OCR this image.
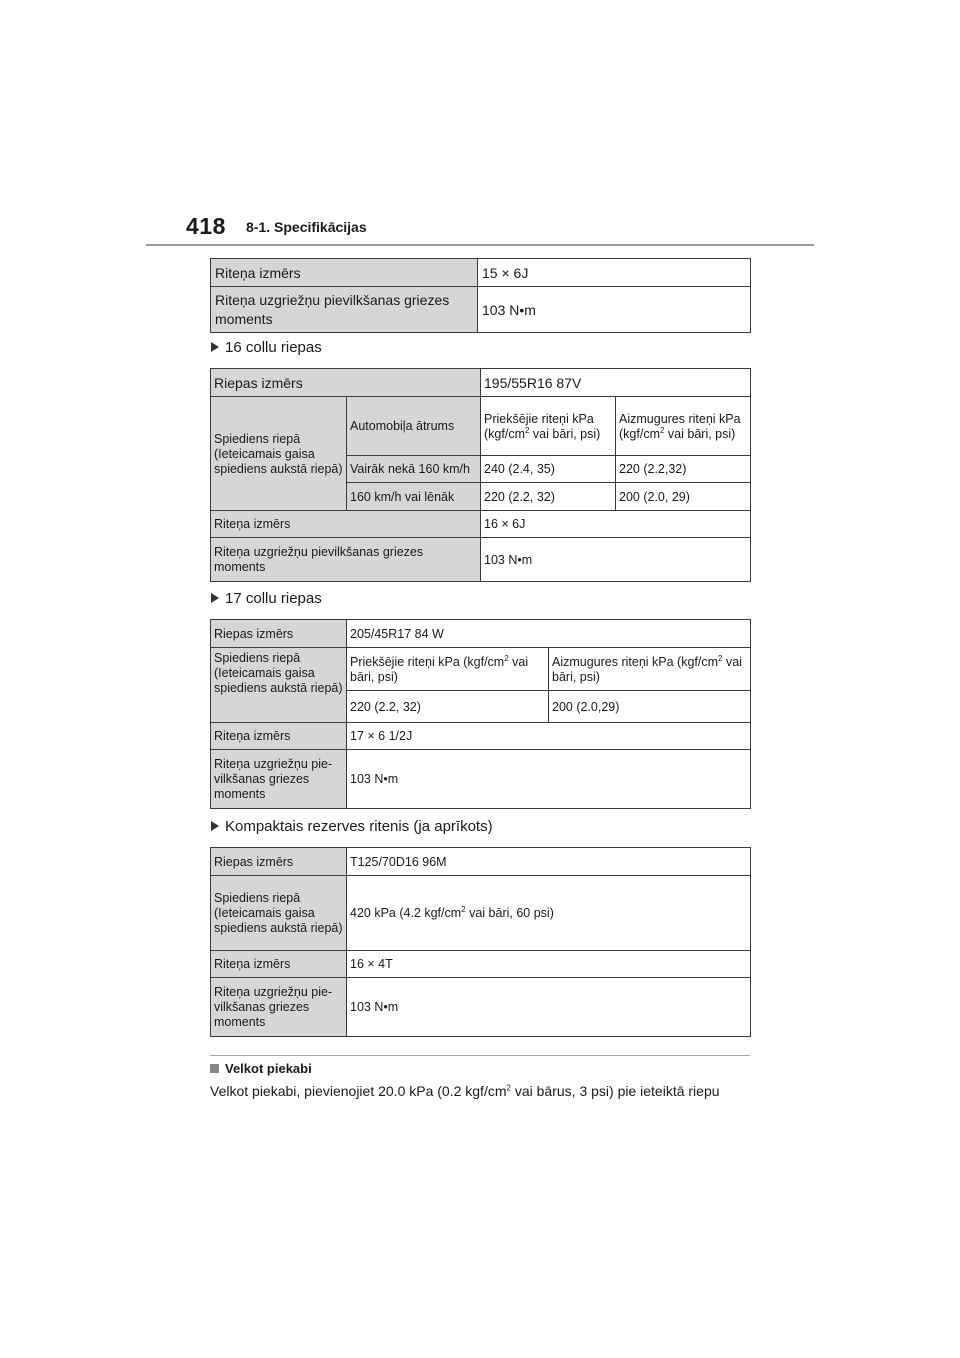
418 8-1. Specifikācijas
Riteņa izmērs	15 × 6J
Riteņa uzgriežņu pievilkšanas griezes moments	103 N•m
16 collu riepas
Riepas izmērs		195/55R16 87V	
Spiediens riepā (Ieteicamais gaisa spiediens aukstā riepā)	Automobiļa ātrums	Priekšējie riteņi kPa ($kgf/cm^2$ vai bāri, psi)	Aizmugures riteņi kPa ($kgf/cm^2$ vai bāri, psi)
	Vairāk nekā 160 km/h	240 (2.4, 35)	220 (2.2,32)
	160 km/h vai lēnāk	220 (2.2, 32)	200 (2.0, 29)
Riteņa izmērs		16 × 6J	
Riteņa uzgriežņu pievilkšanas griezes moments		103 N•m	
17 collu riepas
Riepas izmērs	205/45R17 84 W	
Spiediens riepā (Ieteicamais gaisa spiediens aukstā riepā)	Priekšējie riteņi kPa ($kgf/cm^2$ vai bāri, psi)	Aizmugures riteņi kPa ($kgf/cm^2$ vai bāri, psi)
	220 (2.2, 32)	200 (2.0,29)
Riteņa izmērs	17 × 6 1/2J	
Riteņa uzgriežņu pie-vilkšanas griezes moments	103 N•m	
Kompaktais rezerves ritenis (ja aprīkots)
Riepas izmērs	T125/70D16 96M
Spiediens riepā (Ieteicamais gaisa spiediens aukstā riepā)	420 kPa (4.2 kgf/$cm^2$ vai bāri, 60 psi)
Riteņa izmērs	16 × 4T
Riteņa uzgriežņu pie-vilkšanas griezes moments	103 N•m
Velkot piekabi
Velkot piekabi, pievienojiet 20.0 kPa (0.2 kgf/$cm^2$ vai bārus, 3 psi) pie ieteiktā riepu
